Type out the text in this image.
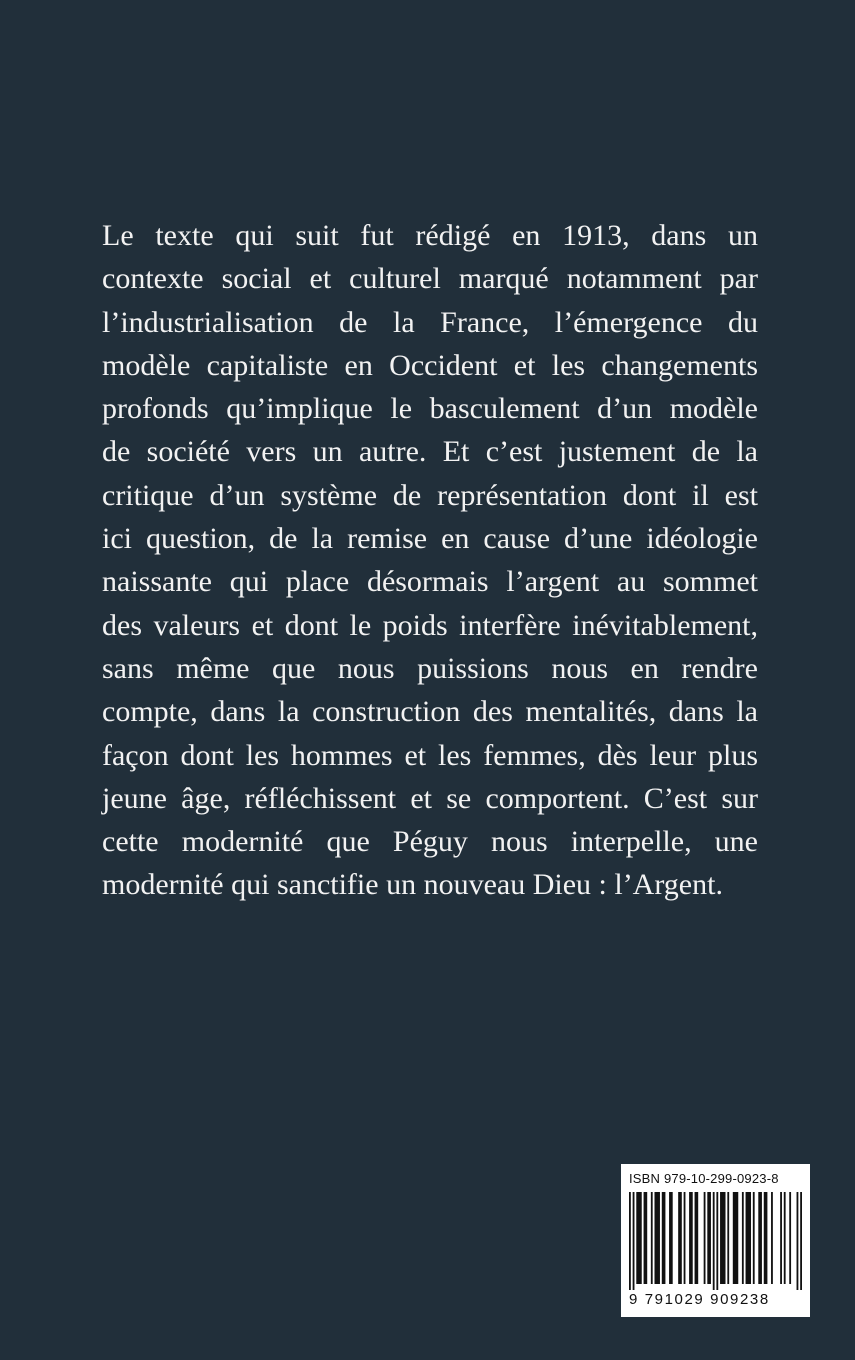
Le texte qui suit fut rédigé en 1913, dans un
contexte social et culturel marqué notamment par
l’industrialisation de la France, l’émergence du
modèle capitaliste en Occident et les changements
profonds qu’implique le basculement d’un modèle
de société vers un autre. Et c’est justement de la
critique d’un système de représentation dont il est
ici question, de la remise en cause d’une idéologie
naissante qui place désormais l’argent au sommet
des valeurs et dont le poids interfère inévitablement,
sans même que nous puissions nous en rendre
compte, dans la construction des mentalités, dans la
façon dont les hommes et les femmes, dès leur plus
jeune âge, réfléchissent et se comportent. C’est sur
cette modernité que Péguy nous interpelle, une
modernité qui sanctifie un nouveau Dieu : l’Argent.
ISBN 979-10-299-0923-8
9 791029 909238
